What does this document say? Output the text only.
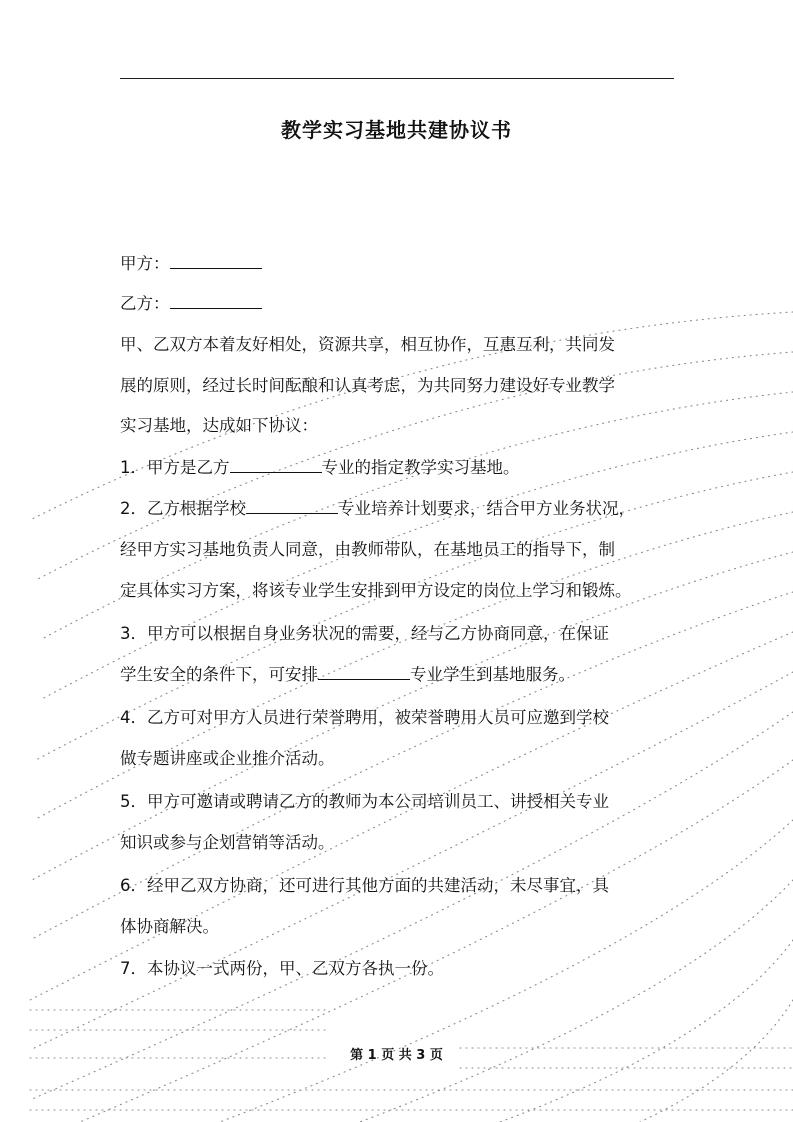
教学实习基地共建协议书
甲方：
乙方：
甲、乙双方本着友好相处，资源共享，相互协作，互惠互利，共同发
展的原则，经过长时间酝酿和认真考虑，为共同努力建设好专业教学
实习基地，达成如下协议：
1．甲方是乙方	专业的指定教学实习基地。
2．乙方根据学校	专业培养计划要求，结合甲方业务状况，
经甲方实习基地负责人同意，由教师带队，在基地员工的指导下，制
定具体实习方案，将该专业学生安排到甲方设定的岗位上学习和锻炼。
3．甲方可以根据自身业务状况的需要，经与乙方协商同意，在保证
学生安全的条件下，可安排	专业学生到基地服务。
4．乙方可对甲方人员进行荣誉聘用，被荣誉聘用人员可应邀到学校
做专题讲座或企业推介活动。
5．甲方可邀请或聘请乙方的教师为本公司培训员工、讲授相关专业
知识或参与企划营销等活动。
6．经甲乙双方协商，还可进行其他方面的共建活动，未尽事宜，具
体协商解决。
7．本协议一式两份，甲、乙双方各执一份。
第 1 页 共 3 页
